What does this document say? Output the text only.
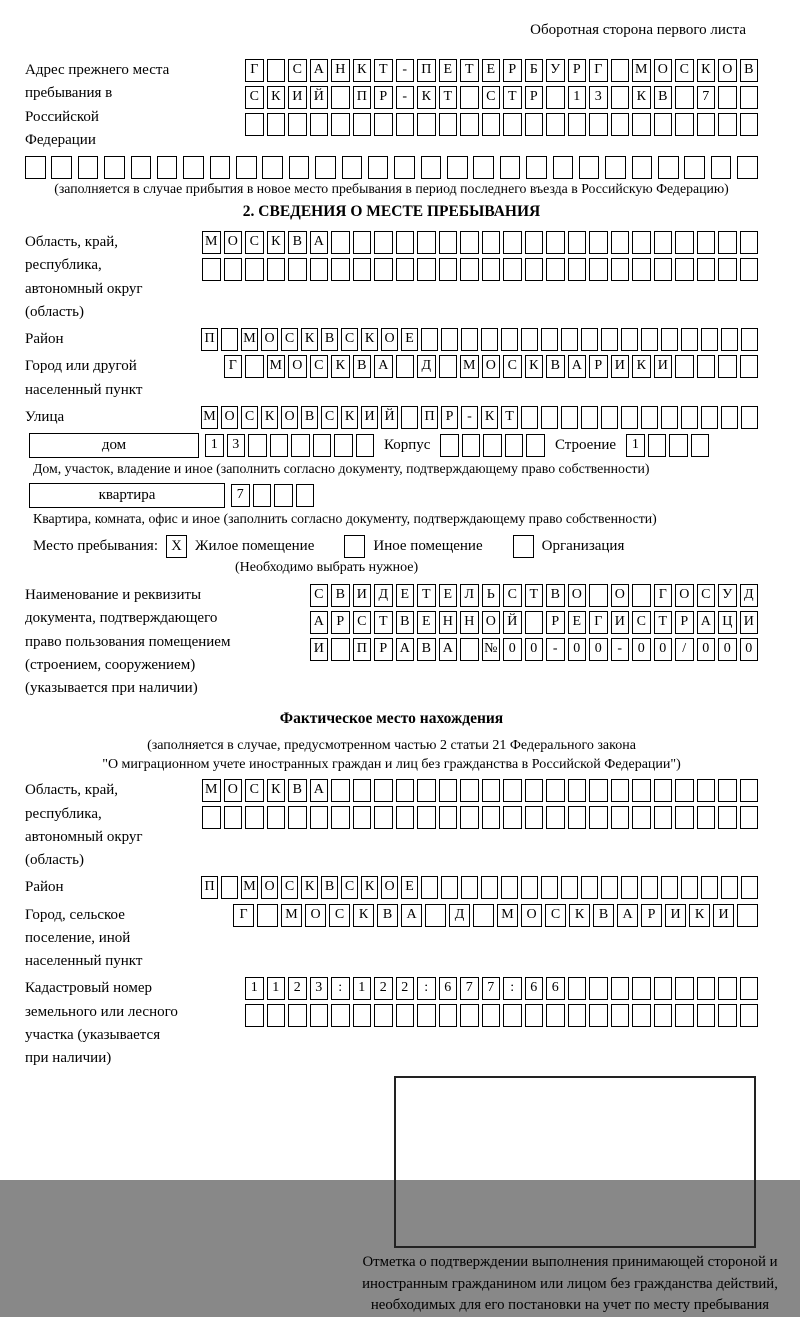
Оборотная сторона первого листа
Адрес прежнего места пребывания в Российской Федерации
Г	С А Н К Т	-	П Е Т Е Р Б У Р Г	М О С К О В
С К И Й П Р	-	К Т	С Т Р	1	3	К В	7
(заполняется в случае прибытия в новое место пребывания в период последнего въезда в Российскую Федерацию)
2. СВЕДЕНИЯ О МЕСТЕ ПРЕБЫВАНИЯ
Область, край, республика, автономный округ (область)
М О С К В А
Район	П М О С К В С К О Е
Город или другой населенный пункт
Г	М О С К В А	Д	М О С К В А Р И К И
Улица	М О С К О В С К И Й П Р - К Т
дом	1	3	Корпус	Строение	1
Дом, участок, владение и иное (заполнить согласно документу, подтверждающему право собственности)
квартира	7
Квартира, комната, офис и иное (заполнить согласно документу, подтверждающему право собственности)
Место пребывания: X Жилое помещение	Иное помещение	Организация
(Необходимо выбрать нужное)
Наименование и реквизиты документа, подтверждающего право пользования помещением (строением, сооружением) (указывается при наличии)
С В И Д Е Т Е Л Ь С Т В О О	Г О С У Д
А Р С Т В Е Н Н О Й	Р Е Г И С Т Р А Ц И
И П Р А В А № 0	0	-	0	0	-	0	0	/	0	0	0
Фактическое место нахождения
(заполняется в случае, предусмотренном частью 2 статьи 21 Федерального закона
"О миграционном учете иностранных граждан и лиц без гражданства в Российской Федерации")
Область, край, республика, автономный округ (область)
М О С К В А
Район	П М О С К В С К О Е
Город, сельское поселение, иной населенный пункт
Г	М О	С	К	В	А	Д	М О	С	К	В	А	Р	И	К	И
Кадастровый номер земельного или лесного участка (указывается при наличии)
1	1	2	3	:	1	2	2	:	6	7	7	:	6	6
Отметка о подтверждении выполнения принимающей стороной и иностранным гражданином или лицом без гражданства действий, необходимых для его постановки на учет по месту пребывания
